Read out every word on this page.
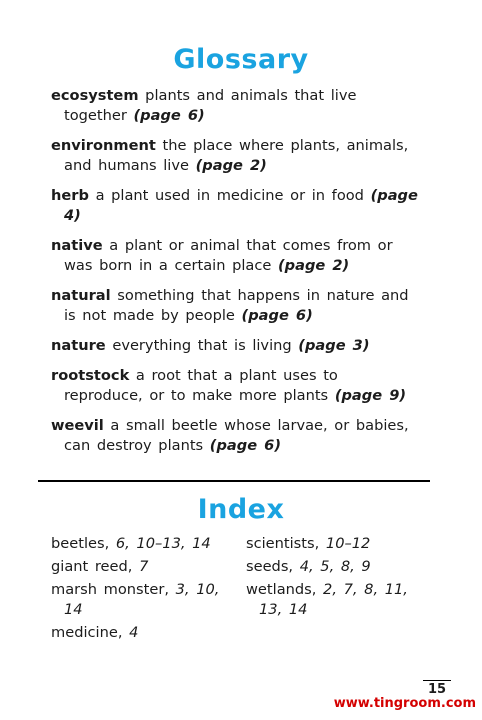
Glossary
ecosystem plants and animals that live together (page 6)
environment the place where plants, animals, and humans live (page 2)
herb a plant used in medicine or in food (page 4)
native a plant or animal that comes from or was born in a certain place (page 2)
natural something that happens in nature and is not made by people (page 6)
nature everything that is living (page 3)
rootstock a root that a plant uses to reproduce, or to make more plants (page 9)
weevil a small beetle whose larvae, or babies, can destroy plants (page 6)
Index
beetles, 6, 10–13, 14
giant reed, 7
marsh monster, 3, 10, 14
medicine, 4
scientists, 10–12
seeds, 4, 5, 8, 9
wetlands, 2, 7, 8, 11, 13, 14
15
www.tingroom.com
